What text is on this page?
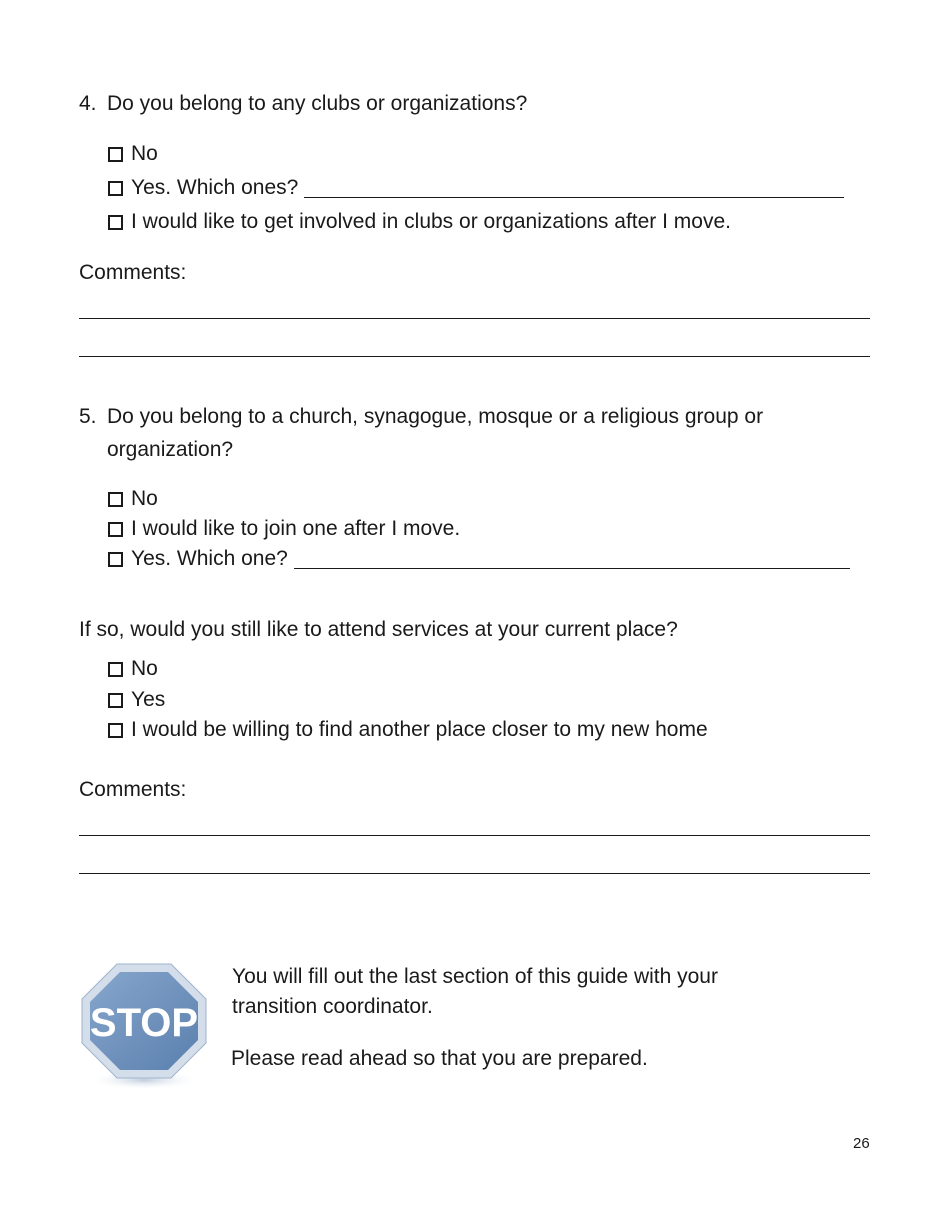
4. Do you belong to any clubs or organizations?
No
Yes. Which ones?
I would like to get involved in clubs or organizations after I move.
Comments:
5. Do you belong to a church, synagogue, mosque or a religious group or
organization?
No
I would like to join one after I move.
Yes. Which one?
If so, would you still like to attend services at your current place?
No
Yes
I would be willing to find another place closer to my new home
Comments:
STOP
You will fill out the last section of this guide with your
transition coordinator.
Please read ahead so that you are prepared.
26
